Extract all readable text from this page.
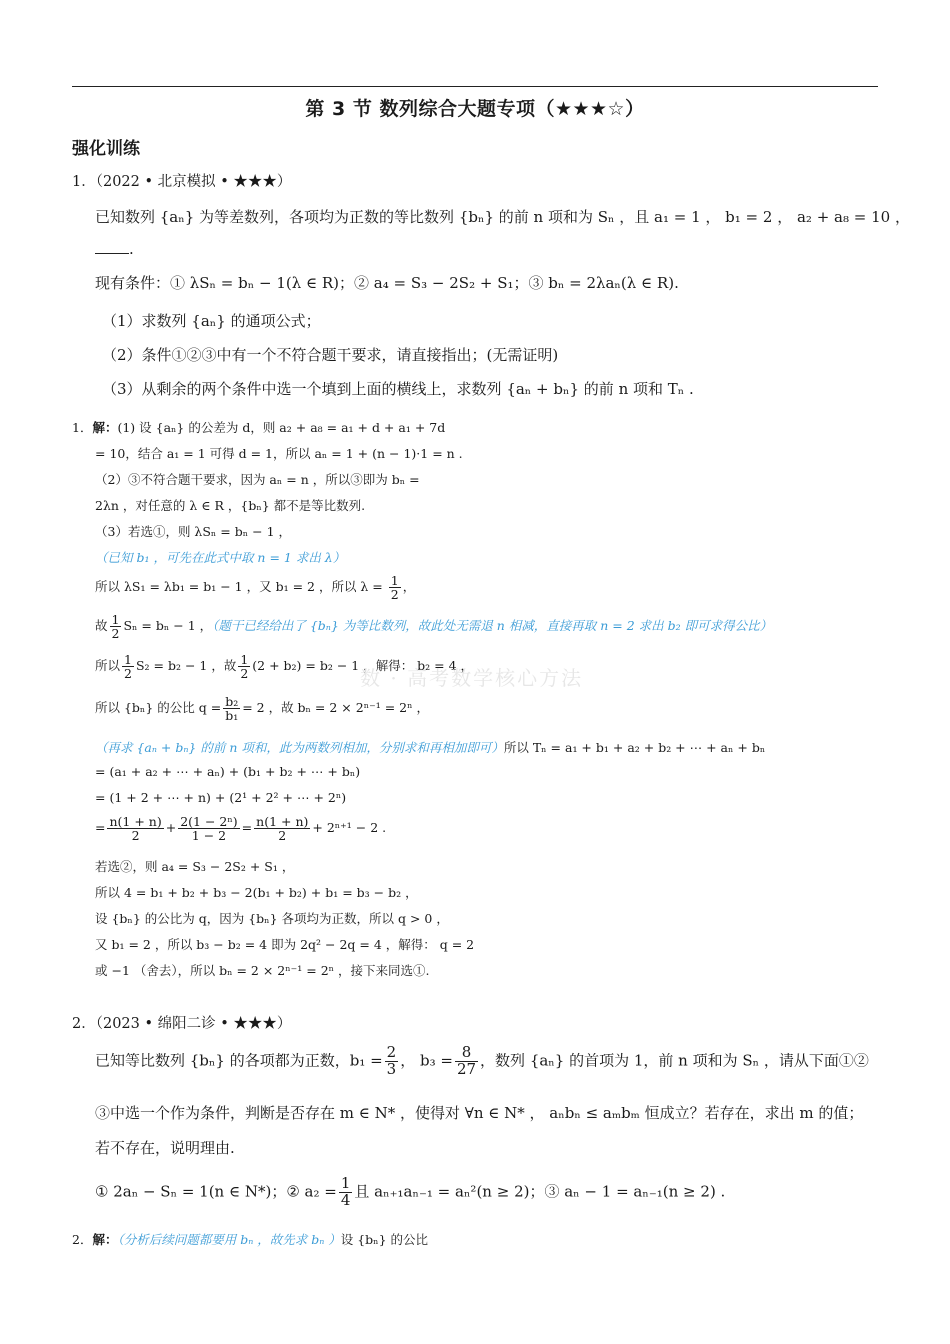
第 3 节 数列综合大题专项（★★★☆）
强化训练
1．（2022 • 北京模拟 • ★★★）
已知数列 {aₙ} 为等差数列，各项均为正数的等比数列 {bₙ} 的前 n 项和为 Sₙ ，且 a₁ = 1 ， b₁ = 2 ， a₂ + a₈ = 10 ，
.
现有条件：① λSₙ = bₙ − 1(λ ∈ R)；② a₄ = S₃ − 2S₂ + S₁；③ bₙ = 2λaₙ(λ ∈ R).
（1）求数列 {aₙ} 的通项公式；
（2）条件①②③中有一个不符合题干要求，请直接指出；(无需证明)
（3）从剩余的两个条件中选一个填到上面的横线上，求数列 {aₙ + bₙ} 的前 n 项和 Tₙ .
1．解：(1) 设 {aₙ} 的公差为 d，则 a₂ + a₈ = a₁ + d + a₁ + 7d
= 10，结合 a₁ = 1 可得 d = 1，所以 aₙ = 1 + (n − 1)·1 = n .
（2）③不符合题干要求，因为 aₙ = n ，所以③即为 bₙ =
2λn ，对任意的 λ ∈ R ，{bₙ} 都不是等比数列.
（3）若选①，则 λSₙ = bₙ − 1 ，
（已知 b₁ ，可先在此式中取 n = 1 求出 λ）
所以 λS₁ = λb₁ = b₁ − 1 ，又 b₁ = 2 ，所以 $\lambda = \frac{1}{2}$ ，
故 $\frac{1}{2}$ Sₙ = bₙ − 1 ，（题干已经给出了 {bₙ} 为等比数列，故此处无需退 n 相减，直接再取 n = 2 求出 b₂ 即可求得公比）
所以 $\frac{1}{2} S_2 = b_2 - 1$ ，故 $\frac{1}{2} (2 + b_2) = b_2 - 1$ ，解得： b₂ = 4 ，
数 · 高考数学核心方法
所以 {bₙ} 的公比 $q = \frac{\text{b₂}}{\text{b₁}} = 2$ ，故 bₙ = 2 × 2ⁿ⁻¹ = 2ⁿ ，
（再求 {aₙ + bₙ} 的前 n 项和，此为两数列相加，分别求和再相加即可）所以 Tₙ = a₁ + b₁ + a₂ + b₂ + ⋯ + aₙ + bₙ
= (a₁ + a₂ + ⋯ + aₙ) + (b₁ + b₂ + ⋯ + bₙ)
= (1 + 2 + ⋯ + n) + (2¹ + 2² + ⋯ + 2ⁿ)
= $\frac{n(1 + n)}{2} + \frac{\text{2(1 − 2ⁿ)}}{1 - 2} = \frac{n(1 + n)}{2} + 2^{n+1} - 2$ .
若选②，则 a₄ = S₃ − 2S₂ + S₁ ，
所以 4 = b₁ + b₂ + b₃ − 2(b₁ + b₂) + b₁ = b₃ − b₂ ，
设 {bₙ} 的公比为 q，因为 {bₙ} 各项均为正数，所以 q > 0 ，
又 b₁ = 2 ，所以 b₃ − b₂ = 4 即为 2q² − 2q = 4 ，解得： q = 2
或 −1 （舍去），所以 bₙ = 2 × 2ⁿ⁻¹ = 2ⁿ ，接下来同选①.
2．（2023 • 绵阳二诊 • ★★★）
已知等比数列 {bₙ} 的各项都为正数，$b_1 = \frac{2}{3}$ ， $b_3 = \frac{8}{27}$ ，数列 {aₙ} 的首项为 1，前 n 项和为 Sₙ ，请从下面①②
③中选一个作为条件，判断是否存在 m ∈ N* ，使得对 ∀n ∈ N* ， aₙbₙ ≤ aₘbₘ 恒成立？若存在，求出 m 的值；
若不存在，说明理由.
① 2aₙ − Sₙ = 1(n ∈ N*)；② $a_2 = \frac{1}{4}$ 且 aₙ₊₁aₙ₋₁ = aₙ²(n ≥ 2)；③ aₙ − 1 = aₙ₋₁(n ≥ 2) .
2．解：（分析后续问题都要用 bₙ ，故先求 bₙ ）设 {bₙ} 的公比
